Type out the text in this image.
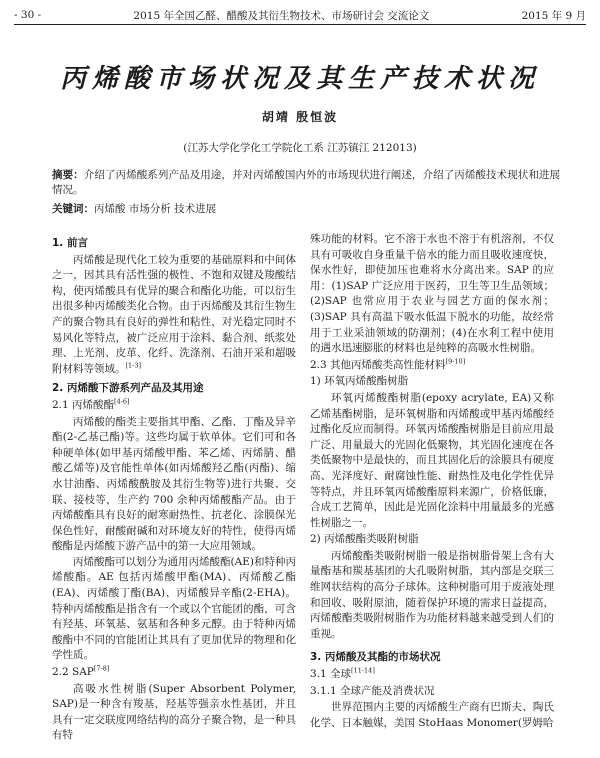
- 30 -	2015 年全国乙醛、醋酸及其衍生物技术、市场研讨会 交流论文	2015 年 9 月
丙烯酸市场状况及其生产技术状况
胡靖 殷恒波
(江苏大学化学化工学院化工系 江苏镇江 212013)
摘要：介绍了丙烯酸系列产品及用途，并对丙烯酸国内外的市场现状进行阐述，介绍了丙烯酸技术现状和进展情况。
关键词：丙烯酸 市场分析 技术进展
1. 前言

丙烯酸是现代化工较为重要的基础原料和中间体之一，因其具有活性强的极性、不饱和双键及羧酸结构，使丙烯酸具有优异的聚合和酯化功能，可以衍生出很多种丙烯酸类化合物。由于丙烯酸及其衍生物生产的聚合物具有良好的弹性和粘性，对光稳定同时不易风化等特点，被广泛应用于涂料、黏合剂、纸浆处理、上光剂、皮革、化纤、洗涤剂、石油开采和超吸附材料等领域。[1-3]

2. 丙烯酸下游系列产品及其用途
2.1 丙烯酸酯[4-6]

丙烯酸的酯类主要指其甲酯、乙酯、丁酯及异辛酯(2-乙基己酯)等。这些均属于软单体。它们可和各种硬单体(如甲基丙烯酸甲酯、苯乙烯、丙烯腈、醋酸乙烯等)及官能性单体(如丙烯酸羟乙酯(丙酯)、缩水甘油酯、丙烯酸酰胺及其衍生物等)进行共聚、交联、接枝等，生产约 700 余种丙烯酸酯产品。由于丙烯酸酯具有良好的耐寒耐热性、抗老化、涂膜保光保色性好，耐酸耐碱和对环境友好的特性，使得丙烯酸酯是丙烯酸下游产品中的第一大应用领域。

丙烯酸酯可以划分为通用丙烯酸酯(AE)和特种丙烯酸酯。AE 包括丙烯酸甲酯(MA)、丙烯酸乙酯(EA)、丙烯酸丁酯(BA)、丙烯酸异辛酯(2-EHA)。特种丙烯酸酯是指含有一个或以个官能团的酯，可含有羟基、环氧基、氨基和各种多元醇。由于特种丙烯酸酯中不同的官能团让其具有了更加优异的物理和化学性质。

2.2 SAP[7-8]

高吸水性树脂(Super Absorbent Polymer, SAP)是一种含有羧基，羟基等强亲水性基团，并且具有一定交联度网络结构的高分子聚合物，是一种具有特

殊功能的材料。它不溶于水也不溶于有机溶剂，不仅具有可吸收自身重量千倍水的能力而且吸收速度快，保水性好，即使加压也难将水分离出来。SAP 的应用：(1)SAP 广泛应用于医药，卫生等卫生品领域；(2)SAP 也常应用于农业与园艺方面的保水剂；(3)SAP 具有高温下吸水低温下脱水的功能，故经常用于工业采油领域的防潮剂；(4)在水利工程中使用的遇水迅速膨胀的材料也是纯粹的高吸水性树脂。

2.3 其他丙烯酸类高性能材料[9-10]
1) 环氧丙烯酸酯树脂

环氧丙烯酸酯树脂(epoxy acrylate, EA)又称乙烯基酯树脂，是环氧树脂和丙烯酸或甲基丙烯酸经过酯化反应而制得。环氧丙烯酸酯树脂是目前应用最广泛、用量最大的光固化低聚物，其光固化速度在各类低聚物中是最快的，而且其固化后的涂膜具有硬度高、光泽度好、耐腐蚀性能、耐热性及电化学性优异等特点，并且环氧丙烯酸酯原料来源广，价格低廉，合成工艺简单，因此是光固化涂料中用量最多的光感性树脂之一。

2) 丙烯酸酯类吸附树脂

丙烯酸酯类吸附树脂一般是指树脂骨架上含有大量酯基和羰基基团的大孔吸附树脂，其内部是交联三维网状结构的高分子球体。这种树脂可用于废液处理和回收、吸附原油，随着保护环境的需求日益提高，丙烯酸酯类吸附树脂作为功能材料越来越受到人们的重视。

3. 丙烯酸及其酯的市场状况
3.1 全球[11-14]
3.1.1 全球产能及消费状况

世界范围内主要的丙烯酸生产商有巴斯夫、陶氏化学、日本触媒，美国 StoHaas Monomer(罗姆哈
